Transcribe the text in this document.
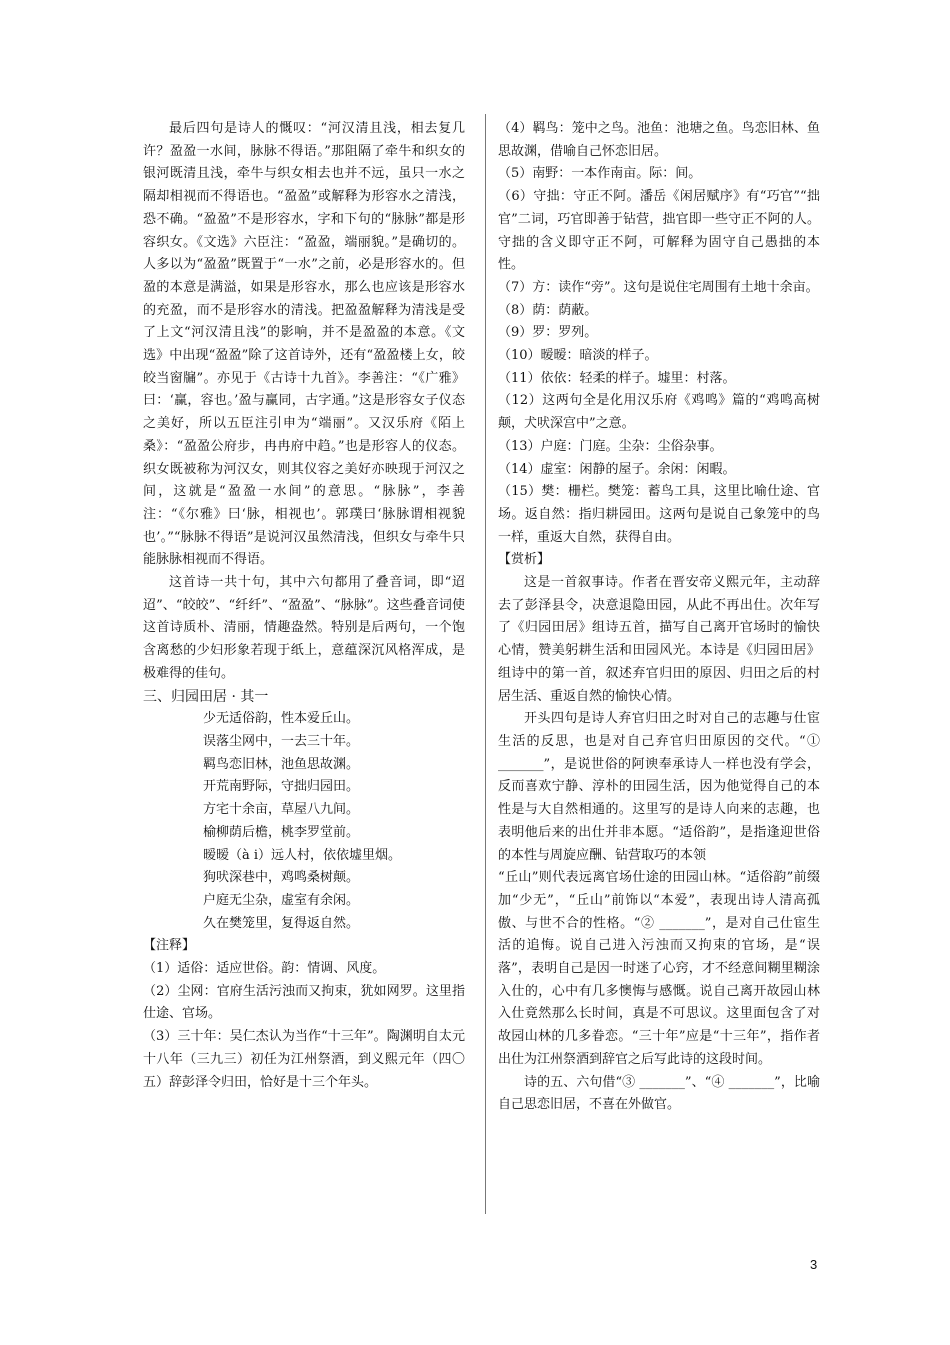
最后四句是诗人的慨叹：“河汉清且浅，相去复几许？盈盈一水间，脉脉不得语。”那阻隔了牵牛和织女的银河既清且浅，牵牛与织女相去也并不远，虽只一水之隔却相视而不得语也。“盈盈”或解释为形容水之清浅，恐不确。“盈盈”不是形容水，字和下句的“脉脉”都是形容织女。《文选》六臣注：“盈盈，端丽貌。”是确切的。人多以为“盈盈”既置于“一水”之前，必是形容水的。但盈的本意是满溢，如果是形容水，那么也应该是形容水的充盈，而不是形容水的清浅。把盈盈解释为清浅是受了上文“河汉清且浅”的影响，并不是盈盈的本意。《文选》中出现“盈盈”除了这首诗外，还有“盈盈楼上女，皎皎当窗牖”。亦见于《古诗十九首》。李善注：“《广雅》曰：‘赢，容也。’盈与赢同，古字通。”这是形容女子仪态之美好，所以五臣注引申为“端丽”。又汉乐府《陌上桑》：“盈盈公府步，冉冉府中趋。”也是形容人的仪态。织女既被称为河汉女，则其仪容之美好亦映现于河汉之间，这就是“盈盈一水间”的意思。“脉脉”，李善注：“《尔雅》曰‘脉，相视也’。郭璞曰‘脉脉谓相视貌也’。”“脉脉不得语”是说河汉虽然清浅，但织女与牵牛只能脉脉相视而不得语。

这首诗一共十句，其中六句都用了叠音词，即“迢迢”、“皎皎”、“纤纤”、“盈盈”、“脉脉”。这些叠音词使这首诗质朴、清丽，情趣盎然。特别是后两句，一个饱含离愁的少妇形象若现于纸上，意蕴深沉风格浑成，是极难得的佳句。

三、归园田居 · 其一

少无适俗韵，性本爱丘山。
误落尘网中，一去三十年。
羁鸟恋旧林，池鱼思故渊。
开荒南野际，守拙归园田。
方宅十余亩，草屋八九间。
榆柳荫后檐，桃李罗堂前。
暧暧（à i）远人村，依依墟里烟。
狗吠深巷中，鸡鸣桑树颠。
户庭无尘杂，虚室有余闲。
久在樊笼里，复得返自然。

【注释】

（1）适俗：适应世俗。韵：情调、风度。

（2）尘网：官府生活污浊而又拘束，犹如网罗。这里指仕途、官场。

（3）三十年：吴仁杰认为当作“十三年”。陶渊明自太元十八年（三九三）初任为江州祭酒，到义熙元年（四〇五）辞彭泽令归田，恰好是十三个年头。

（4）羁鸟：笼中之鸟。池鱼：池塘之鱼。鸟恋旧林、鱼思故渊，借喻自己怀恋旧居。

（5）南野：一本作南亩。际：间。

（6）守拙：守正不阿。潘岳《闲居赋序》有“巧官”“拙官”二词，巧官即善于钻营，拙官即一些守正不阿的人。守拙的含义即守正不阿，可解释为固守自己愚拙的本性。

（7）方：读作“旁”。这句是说住宅周围有土地十余亩。

（8）荫：荫蔽。

（9）罗：罗列。

（10）暧暧：暗淡的样子。

（11）依依：轻柔的样子。墟里：村落。

（12）这两句全是化用汉乐府《鸡鸣》篇的“鸡鸣高树颠，犬吠深宫中”之意。

（13）户庭：门庭。尘杂：尘俗杂事。

（14）虚室：闲静的屋子。余闲：闲暇。

（15）樊：栅栏。樊笼：蓄鸟工具，这里比喻仕途、官场。返自然：指归耕园田。这两句是说自己象笼中的鸟一样，重返大自然，获得自由。

【赏析】

这是一首叙事诗。作者在晋安帝义熙元年，主动辞去了彭泽县令，决意退隐田园，从此不再出仕。次年写了《归园田居》组诗五首，描写自己离开官场时的愉快心情，赞美躬耕生活和田园风光。本诗是《归园田居》组诗中的第一首，叙述弃官归田的原因、归田之后的村居生活、重返自然的愉快心情。

开头四句是诗人弃官归田之时对自己的志趣与仕宦生活的反思，也是对自己弃官归田原因的交代。“① _______”，是说世俗的阿谀奉承诗人一样也没有学会，反而喜欢宁静、淳朴的田园生活，因为他觉得自己的本性是与大自然相通的。这里写的是诗人向来的志趣，也表明他后来的出仕并非本愿。“适俗韵”，是指逢迎世俗的本性与周旋应酬、钻营取巧的本领

“丘山”则代表远离官场仕途的田园山林。“适俗韵”前缀加“少无”，“丘山”前饰以“本爱”，表现出诗人清高孤傲、与世不合的性格。“② _______”，是对自己仕宦生活的追悔。说自己进入污浊而又拘束的官场，是“误落”，表明自己是因一时迷了心窍，才不经意间糊里糊涂入仕的，心中有几多懊悔与感慨。说自己离开故园山林入仕竟然那么长时间，真是不可思议。这里面包含了对故园山林的几多眷恋。“三十年”应是“十三年”，指作者出仕为江州祭酒到辞官之后写此诗的这段时间。

诗的五、六句借“③ _______”、“④ _______”，比喻自己思恋旧居，不喜在外做官。

3
